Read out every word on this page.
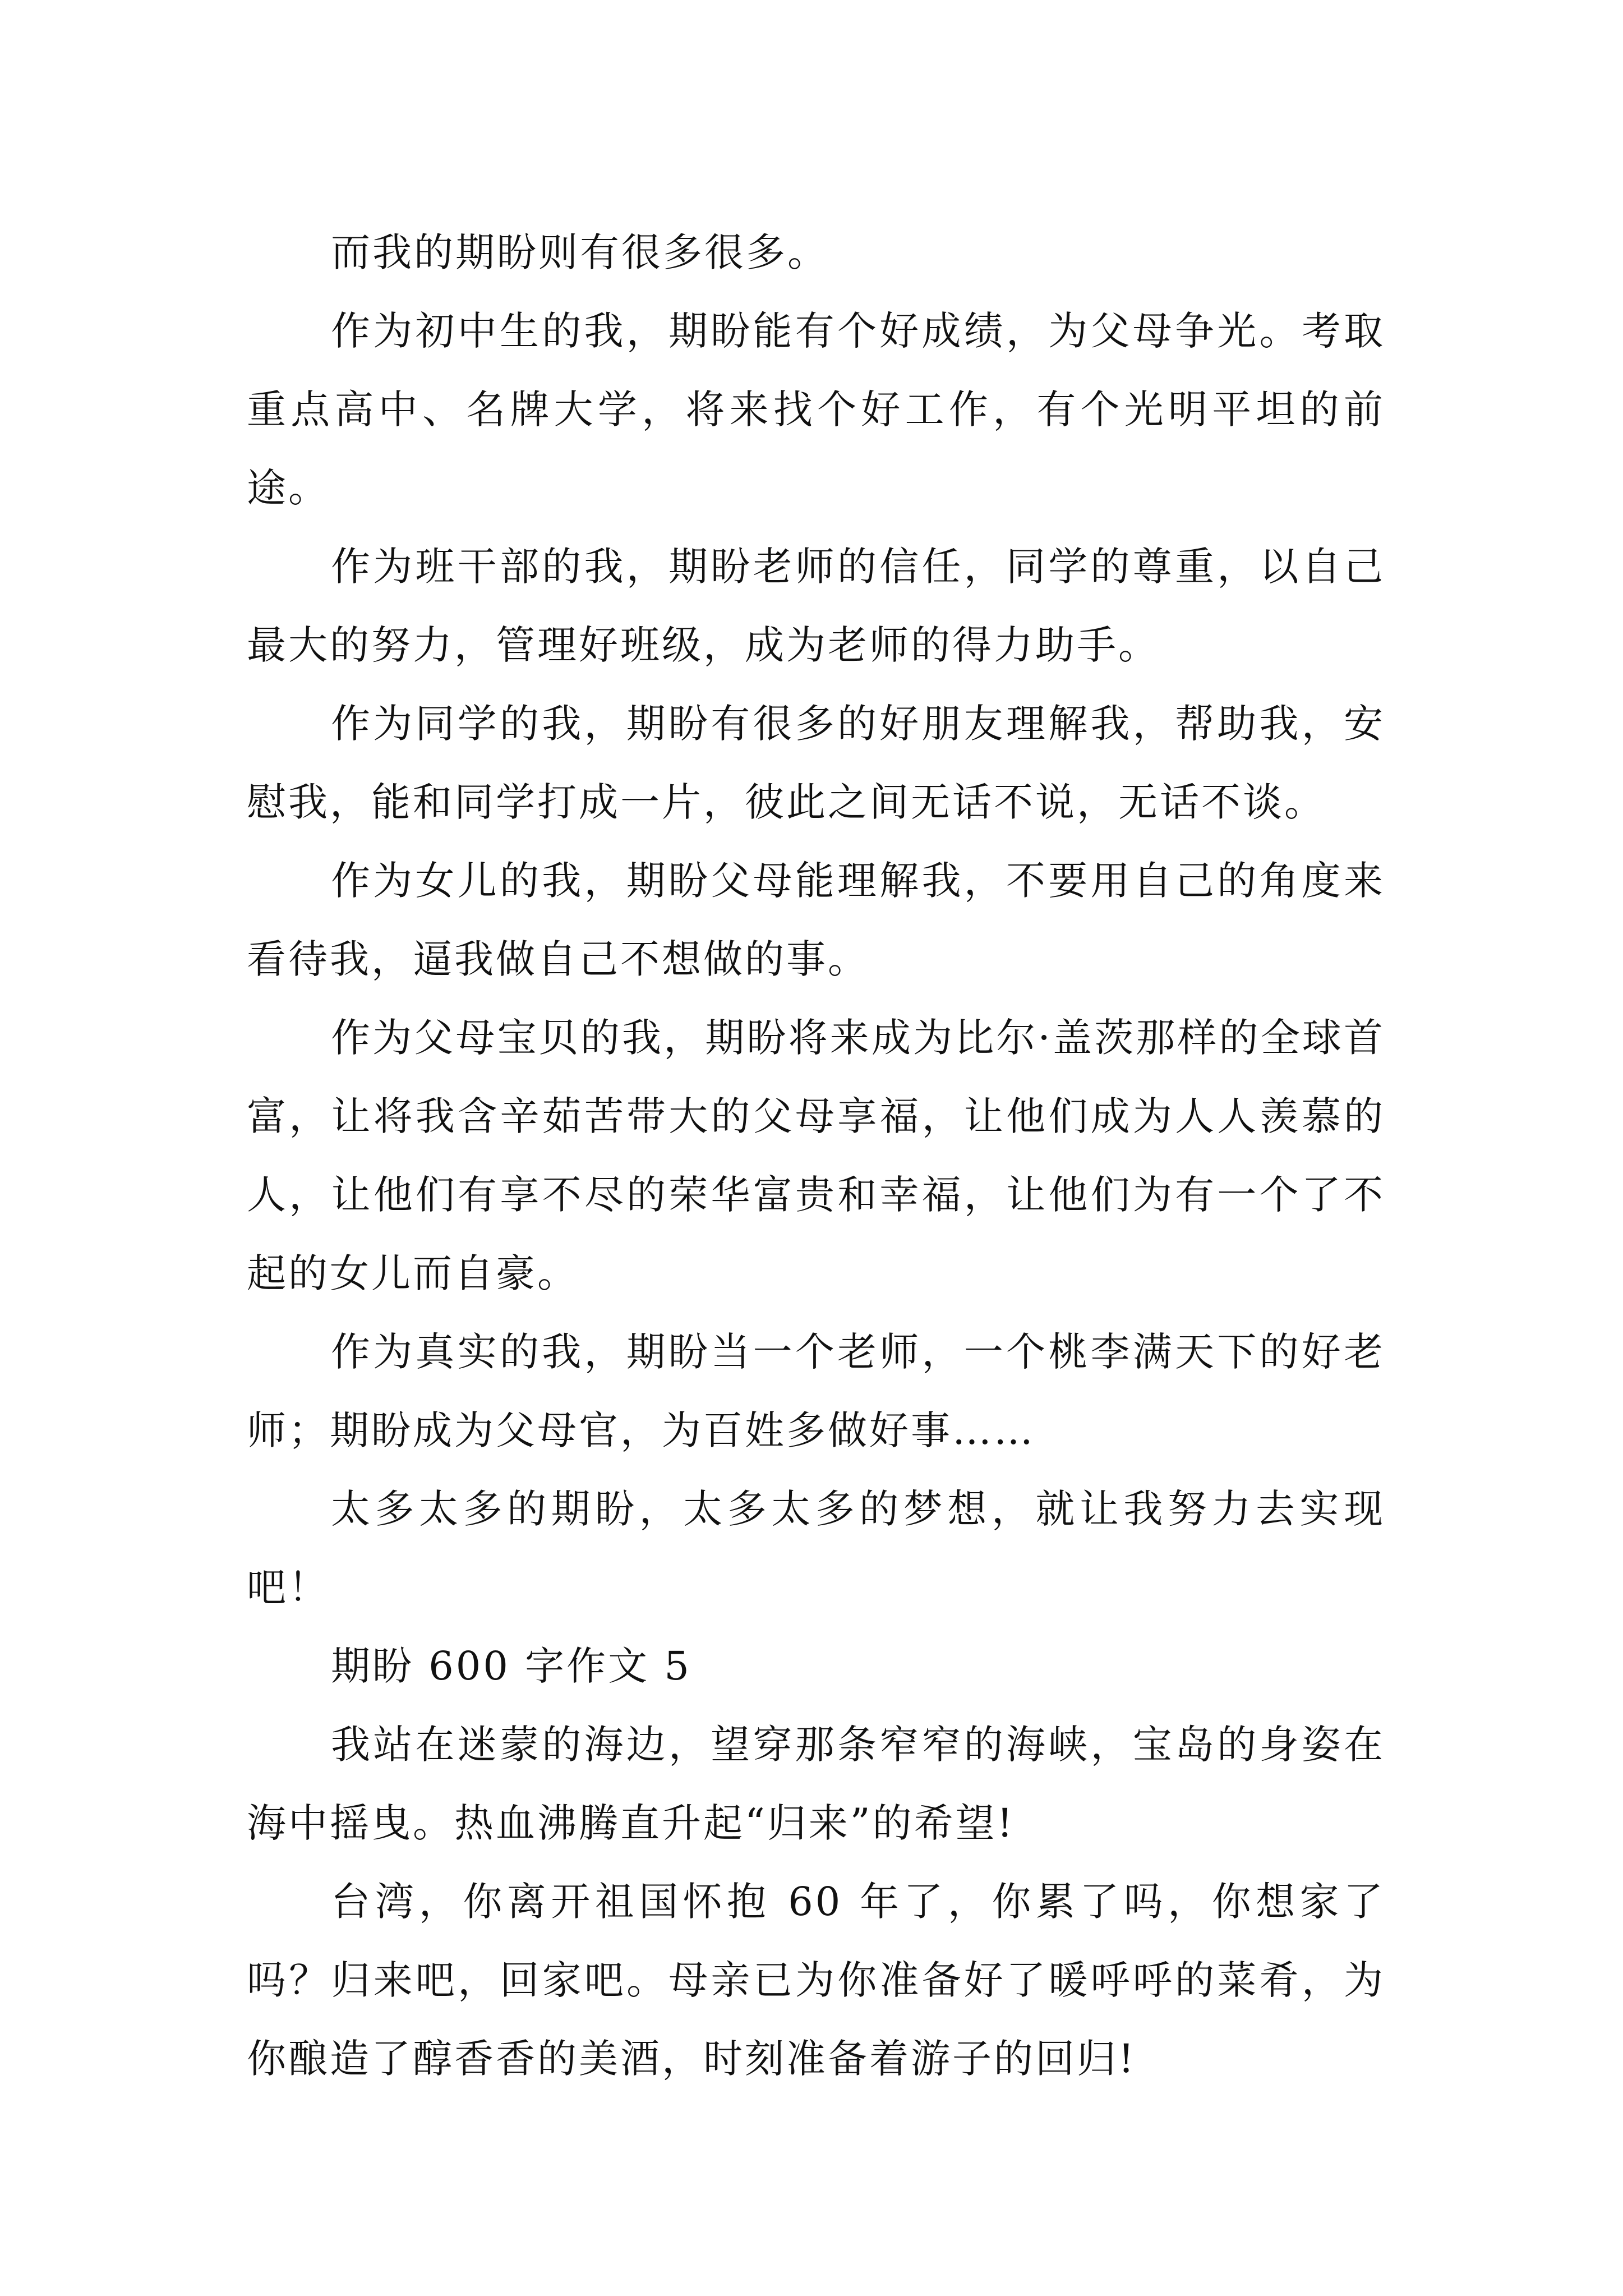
而我的期盼则有很多很多。

作为初中生的我，期盼能有个好成绩，为父母争光。考取重点高中、名牌大学，将来找个好工作，有个光明平坦的前途。

作为班干部的我，期盼老师的信任，同学的尊重，以自己最大的努力，管理好班级，成为老师的得力助手。

作为同学的我，期盼有很多的好朋友理解我，帮助我，安慰我，能和同学打成一片，彼此之间无话不说，无话不谈。

作为女儿的我，期盼父母能理解我，不要用自己的角度来看待我，逼我做自己不想做的事。

作为父母宝贝的我，期盼将来成为比尔·盖茨那样的全球首富，让将我含辛茹苦带大的父母享福，让他们成为人人羡慕的人，让他们有享不尽的荣华富贵和幸福，让他们为有一个了不起的女儿而自豪。

作为真实的我，期盼当一个老师，一个桃李满天下的好老师；期盼成为父母官，为百姓多做好事……

太多太多的期盼，太多太多的梦想，就让我努力去实现吧！

期盼 600 字作文 5

我站在迷蒙的海边，望穿那条窄窄的海峡，宝岛的身姿在海中摇曳。热血沸腾直升起“归来”的希望!

台湾，你离开祖国怀抱 60 年了，你累了吗，你想家了吗？归来吧，回家吧。母亲已为你准备好了暖呼呼的菜肴，为你酿造了醇香香的美酒，时刻准备着游子的回归!
